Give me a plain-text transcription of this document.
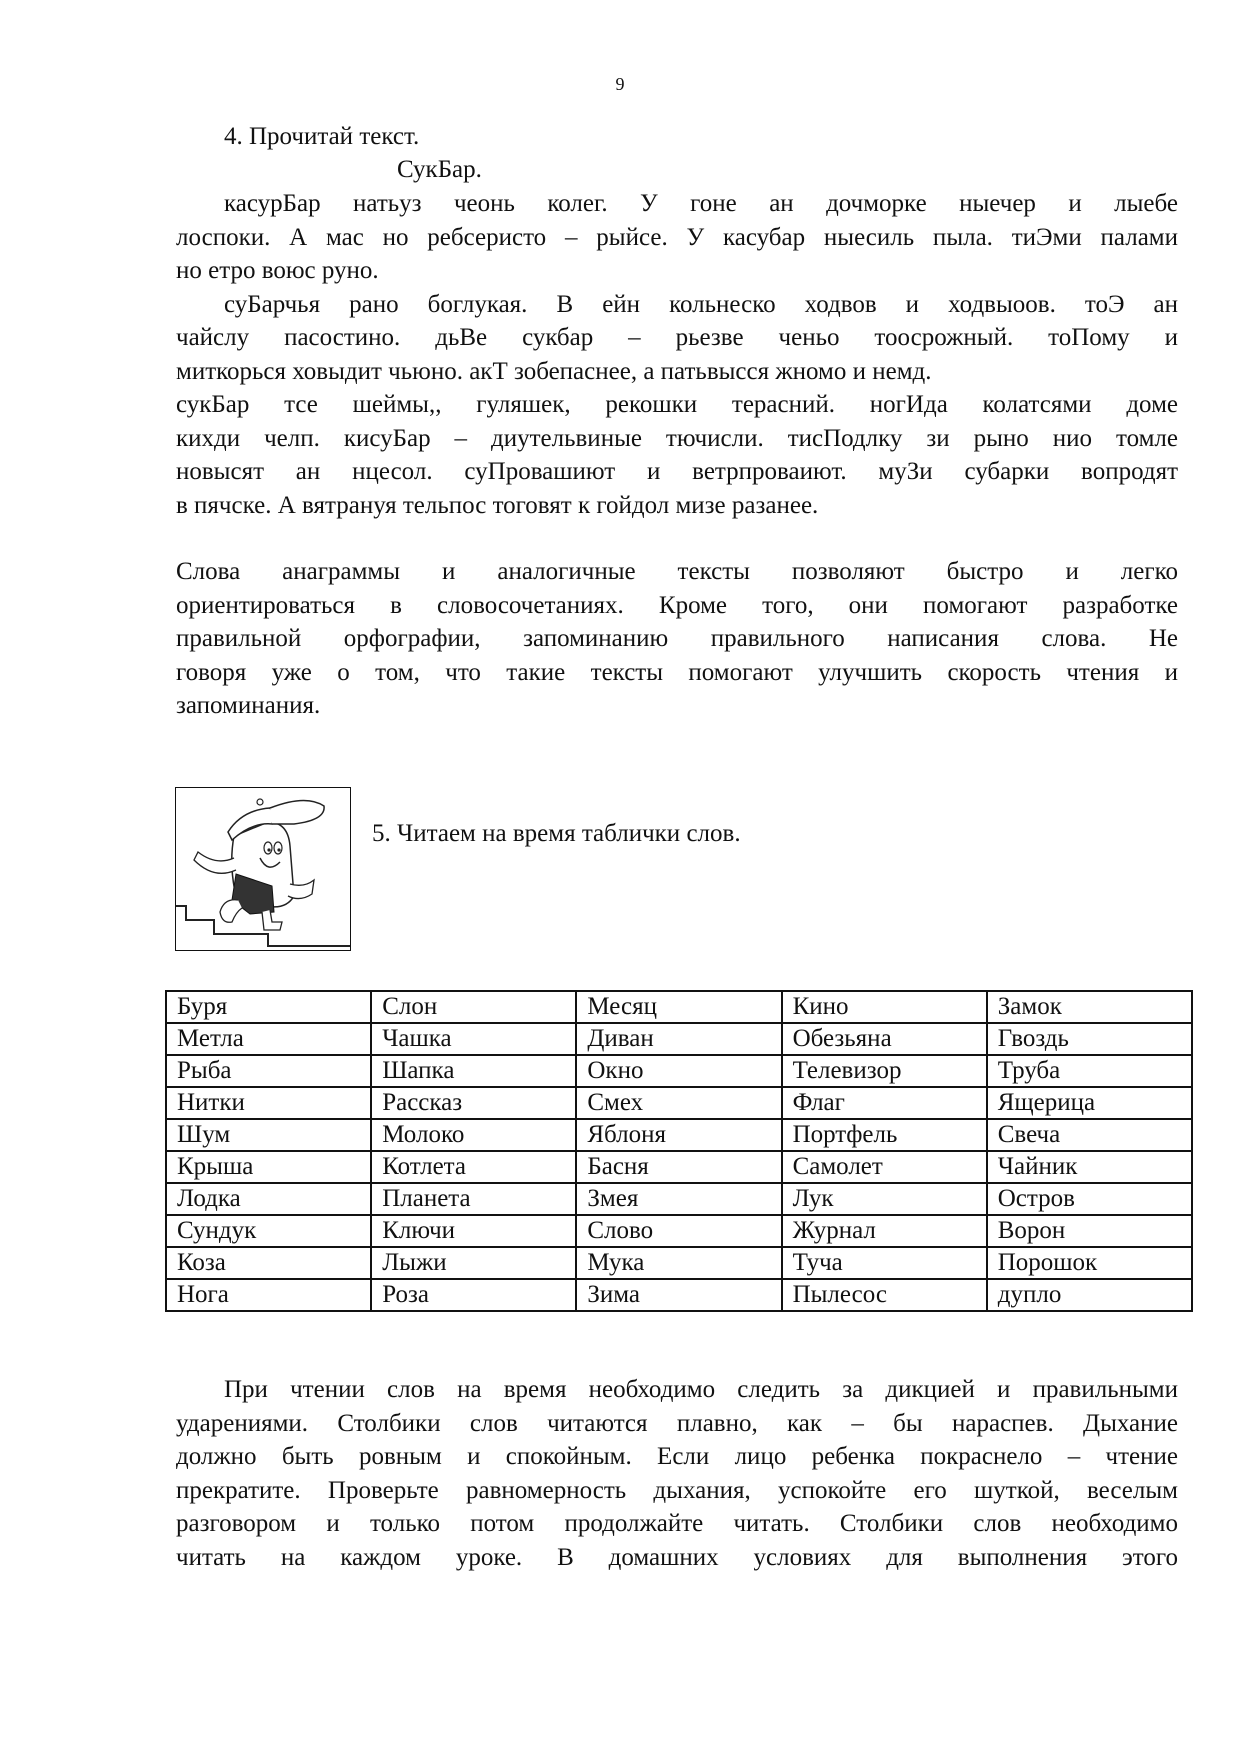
9
4. Прочитай текст.
СукБар.
касурБар натьуз чеонь колег. У гоне ан дочморке ныечер и лыебе
лоспоки. А мас но ребсеристо – рыйсе. У касубар ныесиль пыла. тиЭми палами
но етро воюс руно.
суБарчья рано боглукая. В ейн кольнеско ходвов и ходвыоов. тоЭ ан
чайслу пасостино. дьВе сукбар – рьезве ченьо тоосрожный. тоПому и
миткорься ховыдит чьюно. акТ зобепаснее, а патьвысся жномо и немд.
сукБар тсе шеймы,, гуляшек, рекошки терасний. ногИда колатсями доме
кихди челп. кисуБар – диутельвиные тючисли. тисПодлку зи рыно нио томле
новысят ан нцесол. суПровашиют и ветрпроваиют. муЗи субарки вопродят
в пячске. А вятрануя тельпос тоговят к гойдол мизе разанее.
Слова анаграммы и аналогичные тексты позволяют быстро и легко
ориентироваться в словосочетаниях. Кроме того, они помогают разработке
правильной орфографии, запоминанию правильного написания слова. Не
говоря уже о том, что такие тексты помогают улучшить скорость чтения и
запоминания.
5. Читаем на время таблички слов.
Буря	Слон	Месяц	Кино	Замок
Метла	Чашка	Диван	Обезьяна	Гвоздь
Рыба	Шапка	Окно	Телевизор	Труба
Нитки	Рассказ	Смех	Флаг	Ящерица
Шум	Молоко	Яблоня	Портфель	Свеча
Крыша	Котлета	Басня	Самолет	Чайник
Лодка	Планета	Змея	Лук	Остров
Сундук	Ключи	Слово	Журнал	Ворон
Коза	Лыжи	Мука	Туча	Порошок
Нога	Роза	Зима	Пылесос	дупло
При чтении слов на время необходимо следить за дикцией и правильными
ударениями. Столбики слов читаются плавно, как – бы нараспев. Дыхание
должно быть ровным и спокойным. Если лицо ребенка покраснело – чтение
прекратите. Проверьте равномерность дыхания, успокойте его шуткой, веселым
разговором и только потом продолжайте читать. Столбики слов необходимо
читать на каждом уроке. В домашних условиях для выполнения этого
